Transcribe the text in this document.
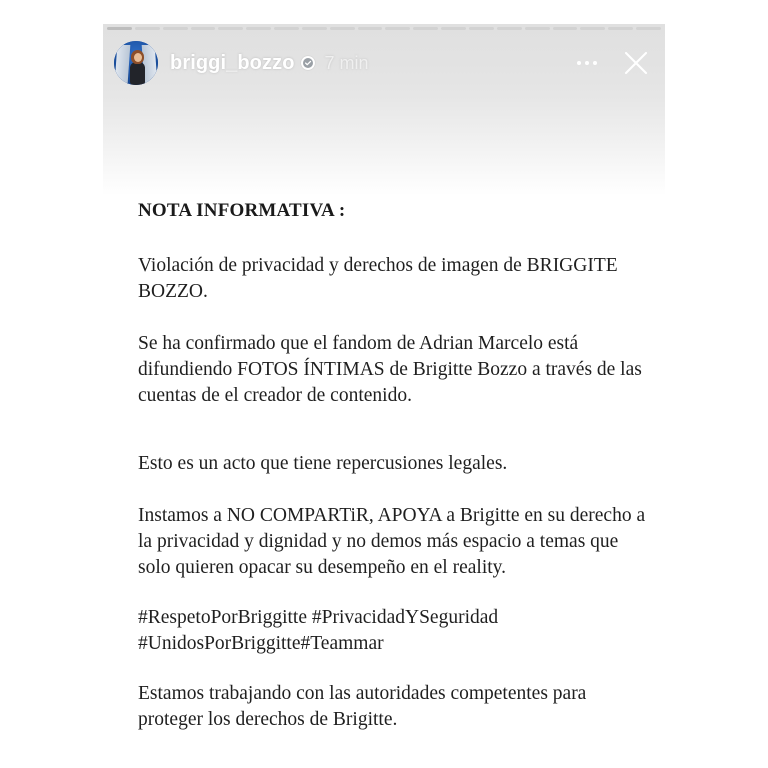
briggi_bozzo 7 min
NOTA INFORMATIVA :

Violación de privacidad y derechos de imagen de BRIGGITE BOZZO.

Se ha confirmado que el fandom de Adrian Marcelo está difundiendo FOTOS ÍNTIMAS de Brigitte Bozzo a través de las cuentas de el creador de contenido.

Esto es un acto que tiene repercusiones legales.

Instamos a NO COMPARTiR, APOYA a Brigitte en su derecho a la privacidad y dignidad y no demos más espacio a temas que solo quieren opacar su desempeño en el reality.

#RespetoPorBriggitte #PrivacidadYSeguridad #UnidosPorBriggitte#Teammar

Estamos trabajando con las autoridades competentes para proteger los derechos de Brigitte.
